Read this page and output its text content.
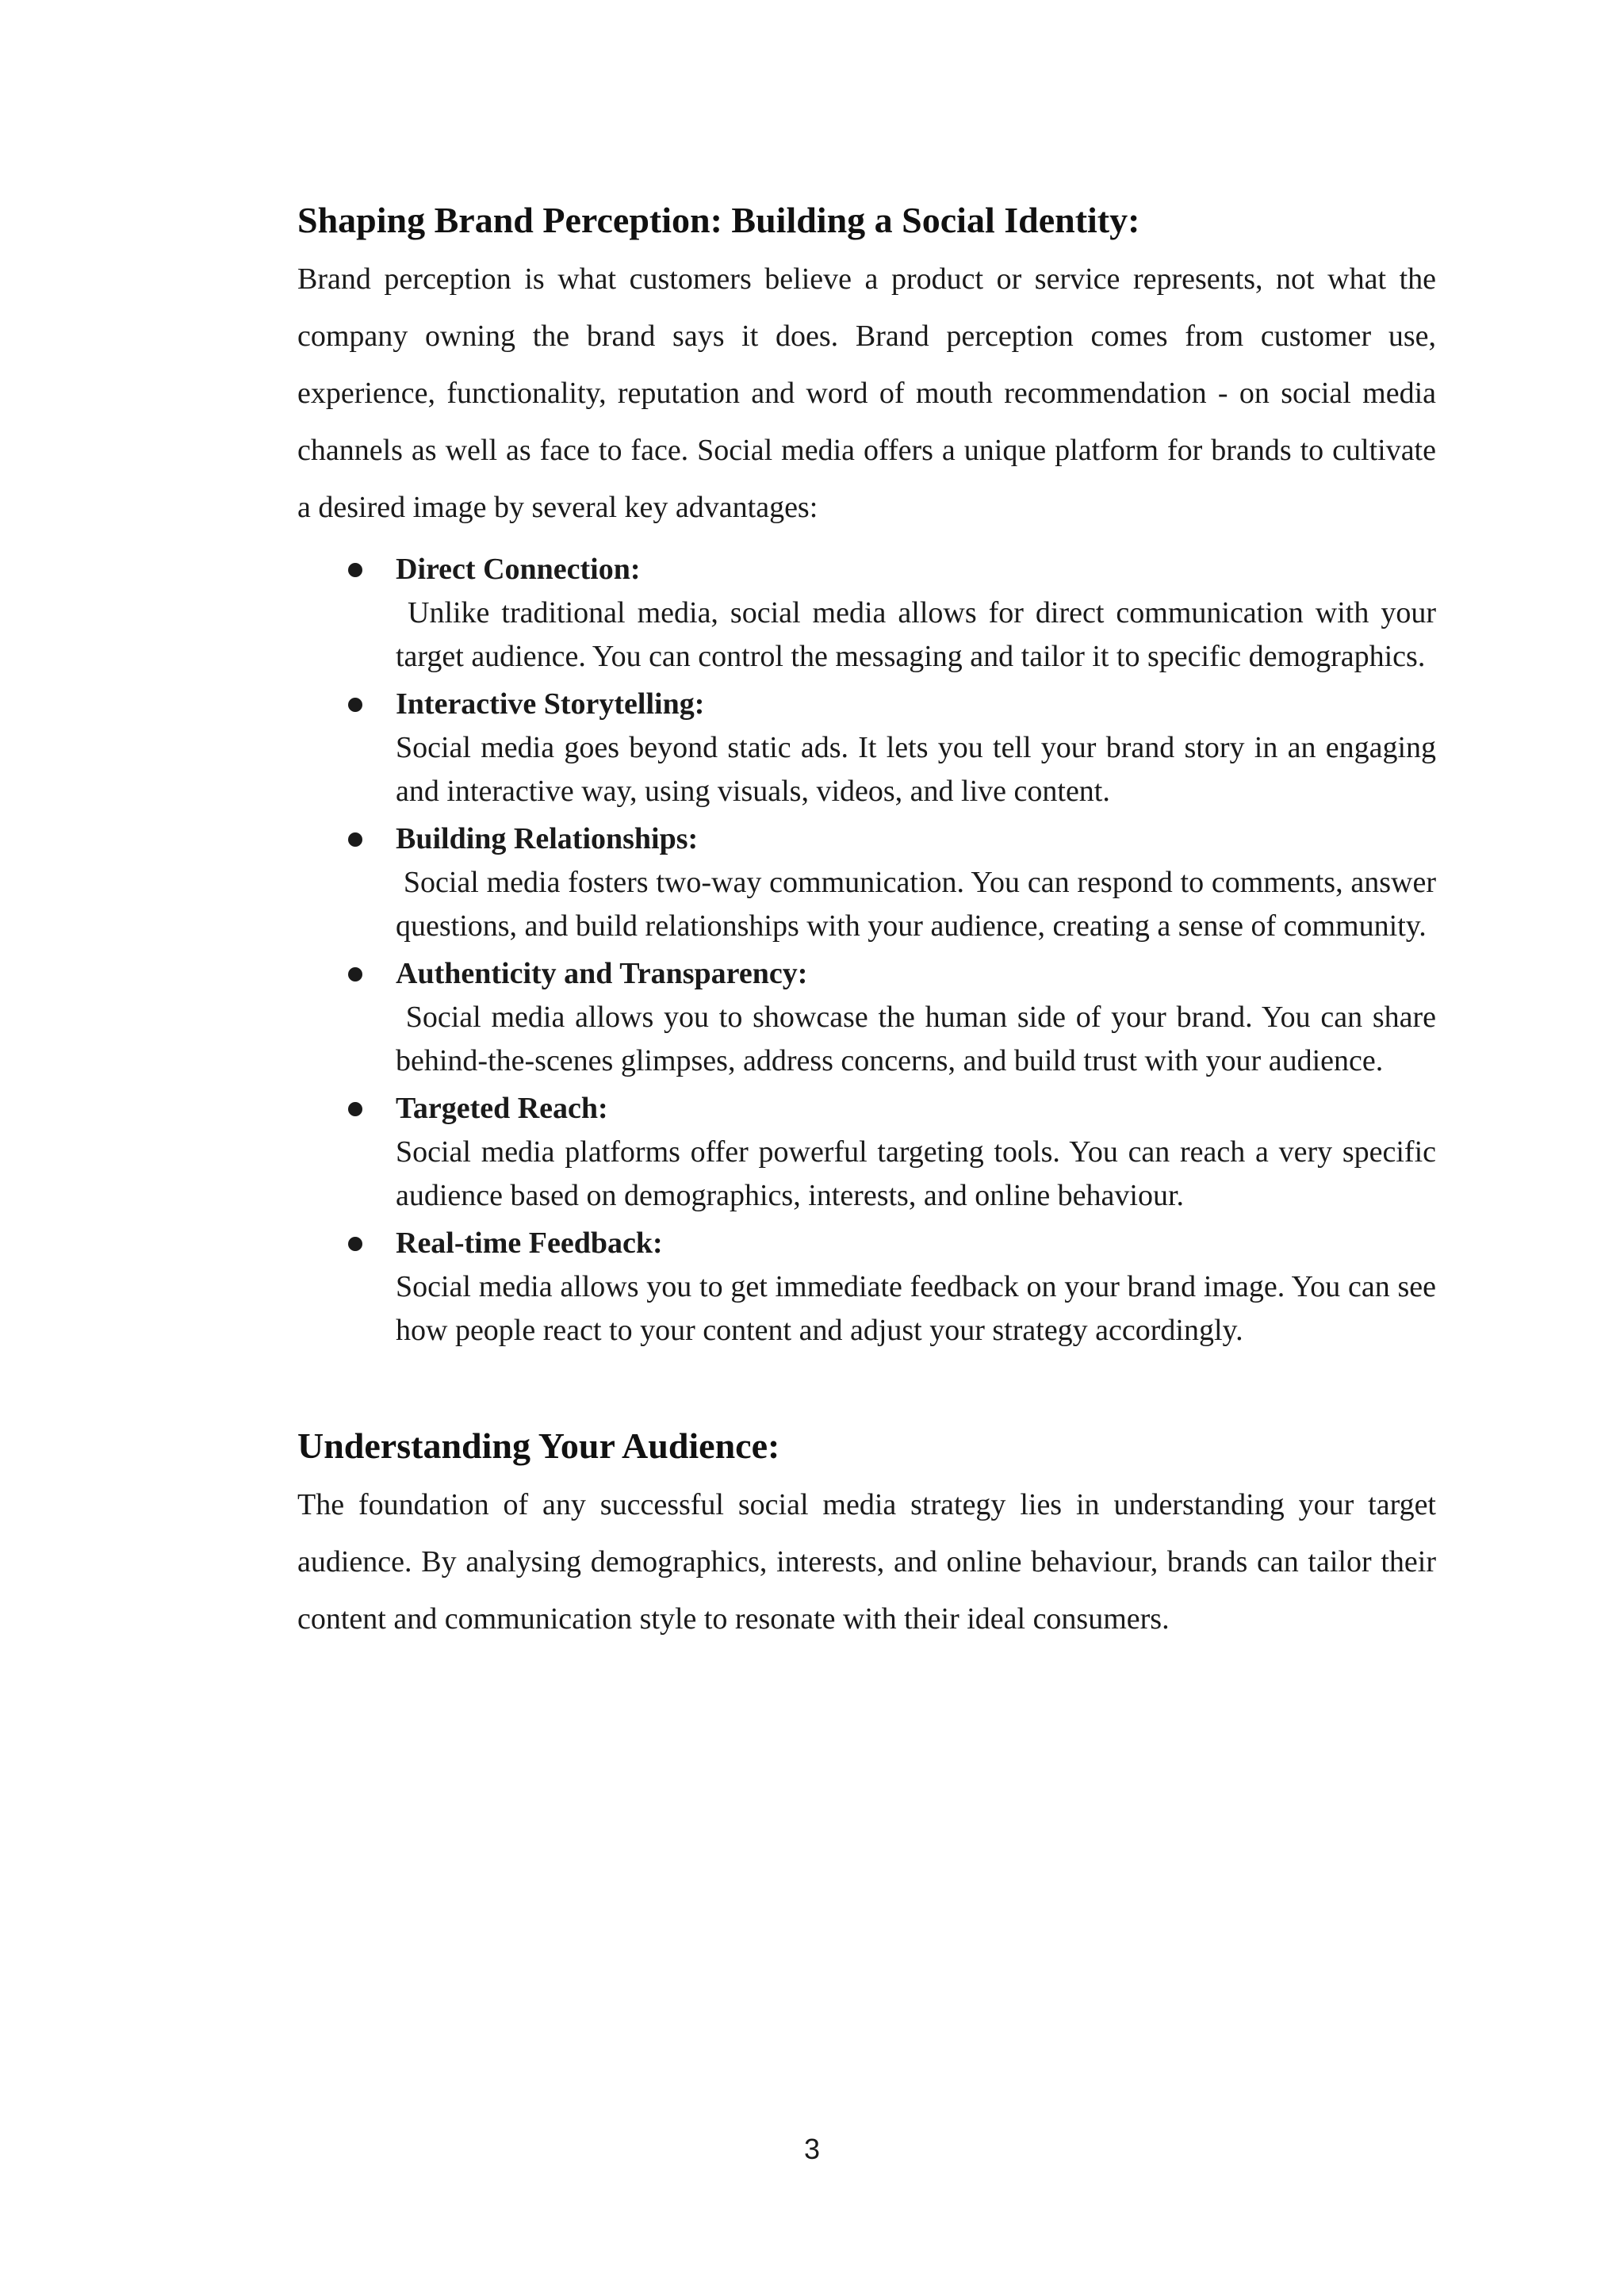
Shaping Brand Perception: Building a Social Identity:

Brand perception is what customers believe a product or service represents, not what the company owning the brand says it does. Brand perception comes from customer use, experience, functionality, reputation and word of mouth recommendation - on social media channels as well as face to face. Social media offers a unique platform for brands to cultivate a desired image by several key advantages:

Direct Connection:
Unlike traditional media, social media allows for direct communication with your target audience. You can control the messaging and tailor it to specific demographics.
Interactive Storytelling:
Social media goes beyond static ads. It lets you tell your brand story in an engaging and interactive way, using visuals, videos, and live content.
Building Relationships:
Social media fosters two-way communication. You can respond to comments, answer questions, and build relationships with your audience, creating a sense of community.
Authenticity and Transparency:
Social media allows you to showcase the human side of your brand. You can share behind-the-scenes glimpses, address concerns, and build trust with your audience.
Targeted Reach:
Social media platforms offer powerful targeting tools. You can reach a very specific audience based on demographics, interests, and online behaviour.
Real-time Feedback:
Social media allows you to get immediate feedback on your brand image. You can see how people react to your content and adjust your strategy accordingly.
Understanding Your Audience:

The foundation of any successful social media strategy lies in understanding your target audience. By analysing demographics, interests, and online behaviour, brands can tailor their content and communication style to resonate with their ideal consumers.

3
